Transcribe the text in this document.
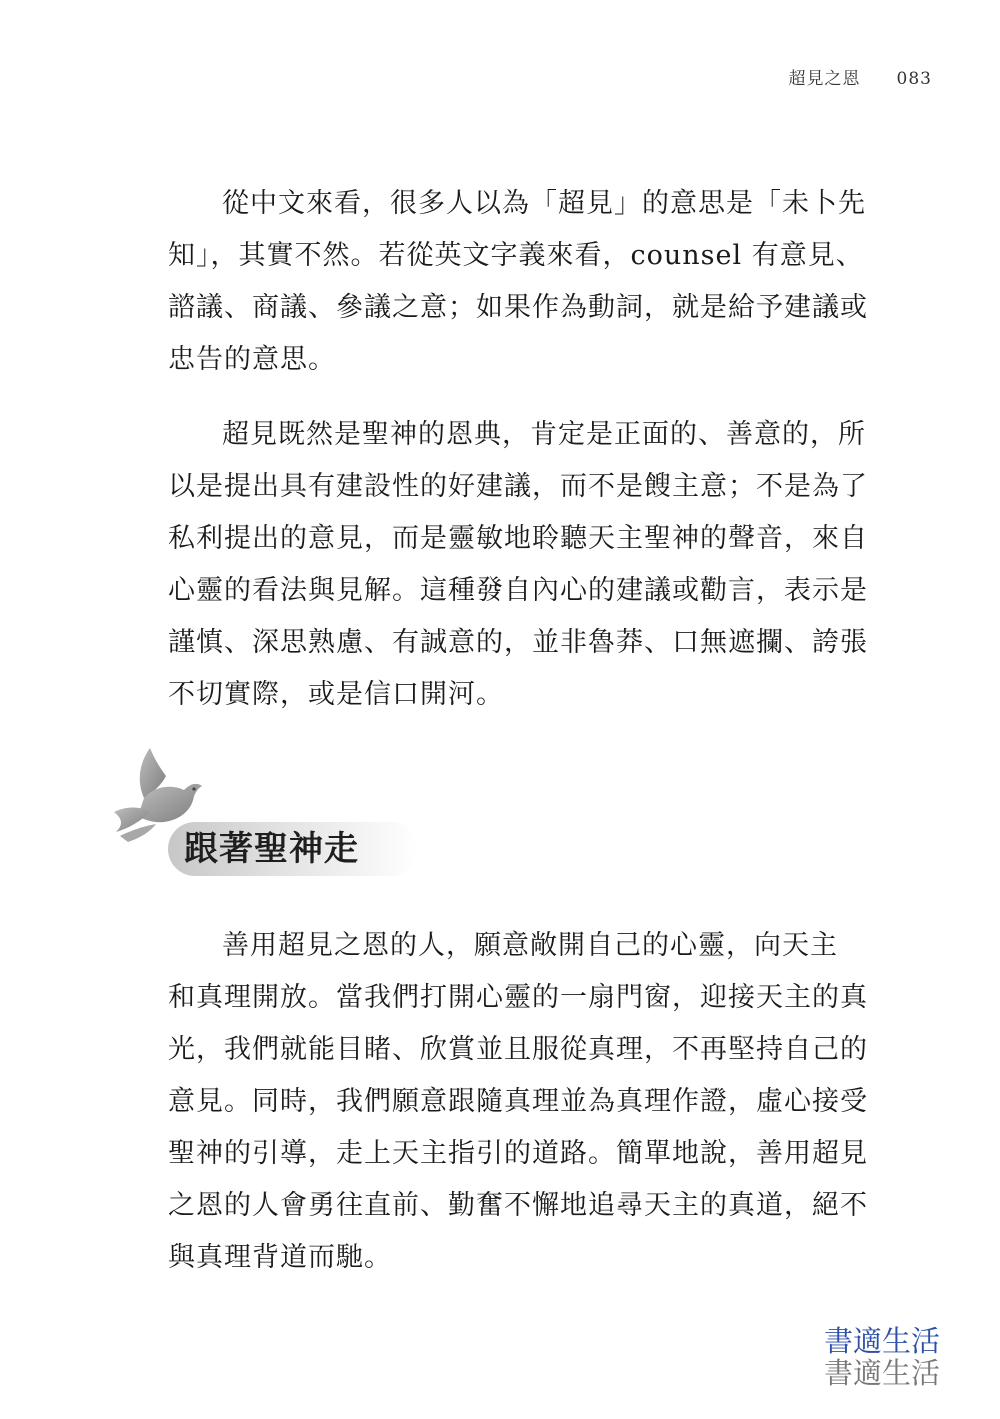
超見之恩 083

從中文來看，很多人以為「超見」的意思是「未卜先
知」，其實不然。若從英文字義來看，counsel 有意見、
諮議、商議、參議之意；如果作為動詞，就是給予建議或
忠告的意思。

超見既然是聖神的恩典，肯定是正面的、善意的，所
以是提出具有建設性的好建議，而不是餿主意；不是為了
私利提出的意見，而是靈敏地聆聽天主聖神的聲音，來自
心靈的看法與見解。這種發自內心的建議或勸言，表示是
謹慎、深思熟慮、有誠意的，並非魯莽、口無遮攔、誇張
不切實際，或是信口開河。

跟著聖神走

善用超見之恩的人，願意敞開自己的心靈，向天主
和真理開放。當我們打開心靈的一扇門窗，迎接天主的真
光，我們就能目睹、欣賞並且服從真理，不再堅持自己的
意見。同時，我們願意跟隨真理並為真理作證，虛心接受
聖神的引導，走上天主指引的道路。簡單地說，善用超見
之恩的人會勇往直前、勤奮不懈地追尋天主的真道，絕不
與真理背道而馳。

書適生活
書適生活
